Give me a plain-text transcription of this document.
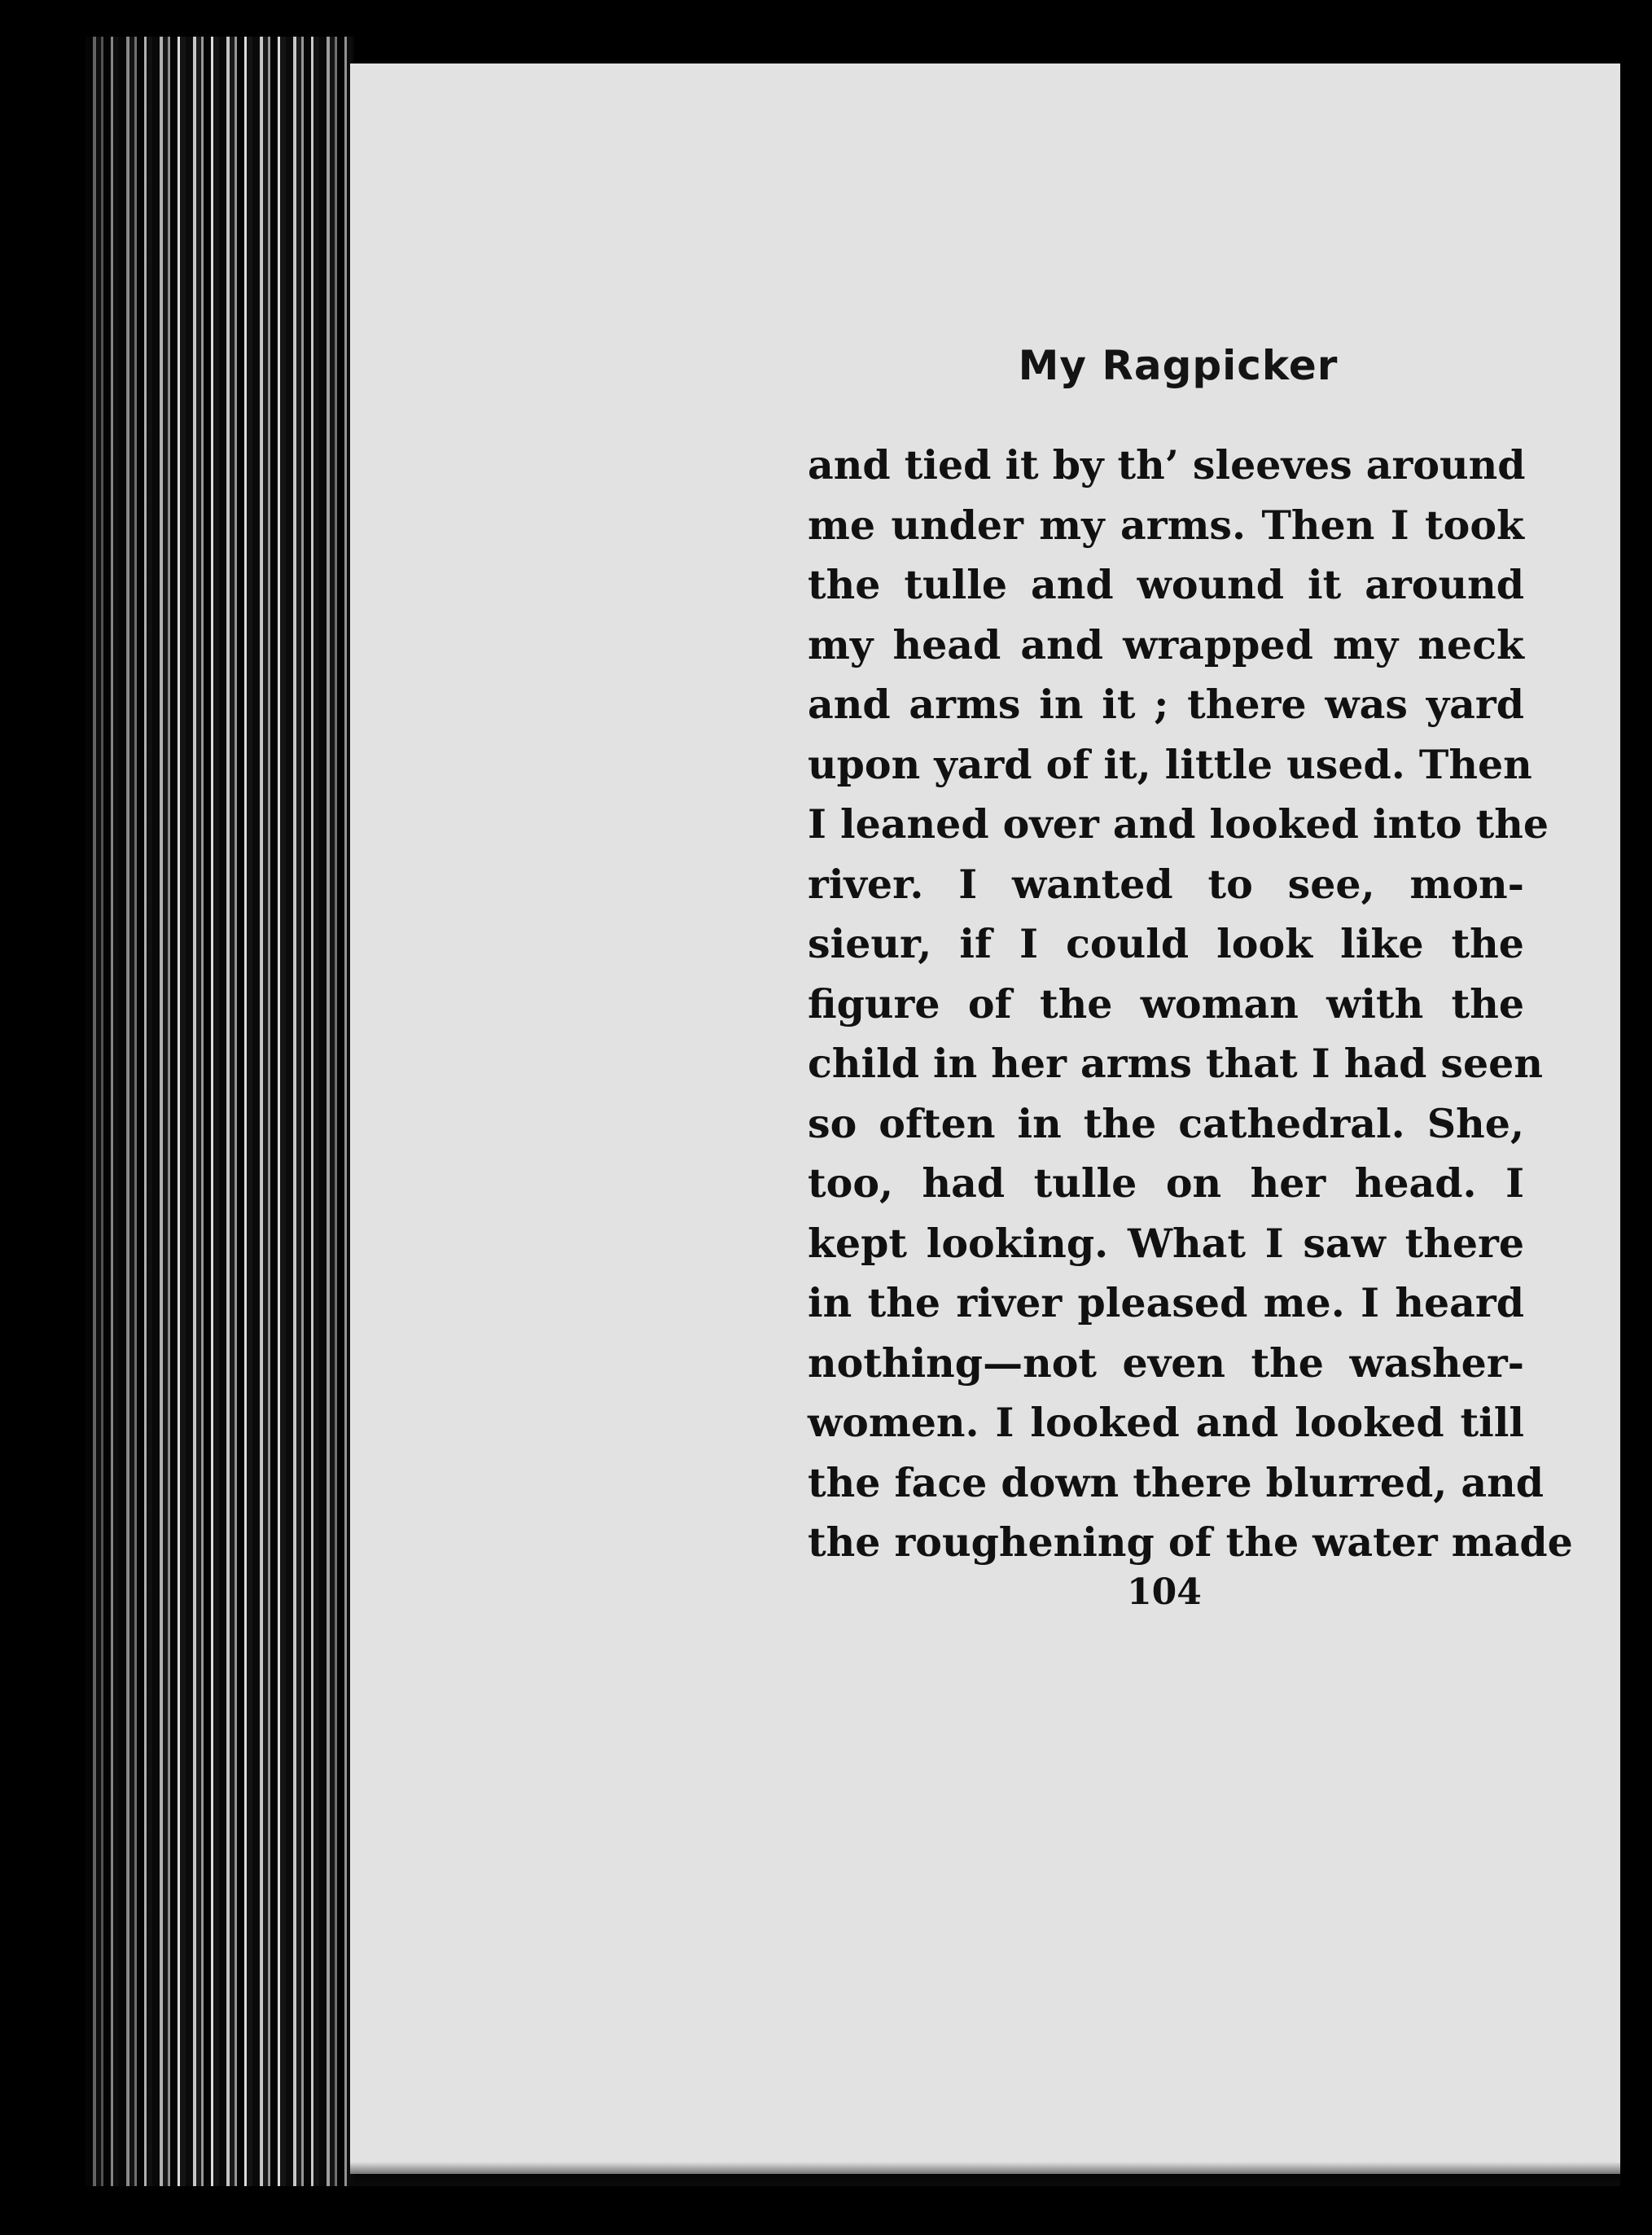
My Ragpicker
and tied it by th’ sleeves around
me under my arms. Then I took
the tulle and wound it around
my head and wrapped my neck
and arms in it ; there was yard
upon yard of it, little used. Then
I leaned over and looked into the
river. I wanted to see, mon-
sieur, if I could look like the
figure of the woman with the
child in her arms that I had seen
so often in the cathedral. She,
too, had tulle on her head. I
kept looking. What I saw there
in the river pleased me. I heard
nothing—not even the washer-
women. I looked and looked till
the face down there blurred, and
the roughening of the water made
104
